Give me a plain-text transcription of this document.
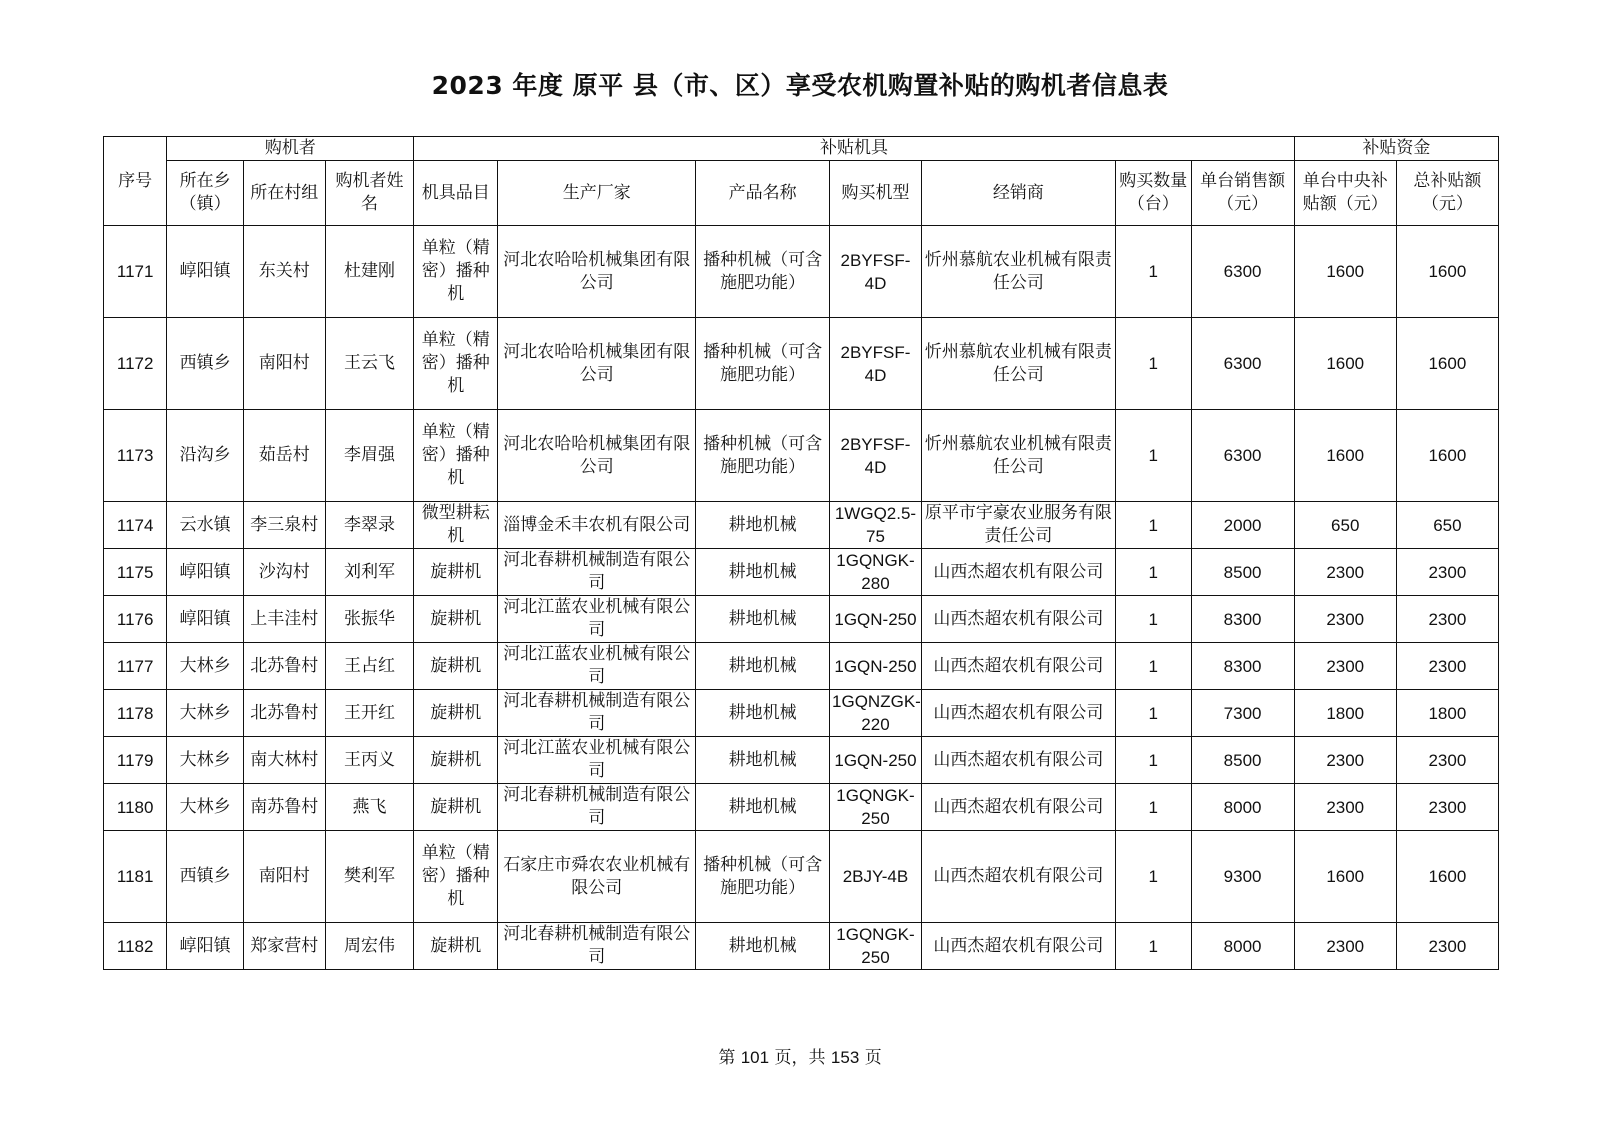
2023 年度 原平 县（市、区）享受农机购置补贴的购机者信息表
序号	购机者			补贴机具							补贴资金	
	所在乡（镇）	所在村组	购机者姓名	机具品目	生产厂家	产品名称	购买机型	经销商	购买数量（台）	单台销售额（元）	单台中央补贴额（元）	总补贴额（元）
1171	崞阳镇	东关村	杜建刚	单粒（精密）播种机	河北农哈哈机械集团有限公司	播种机械（可含施肥功能）	2BYFSF-4D	忻州慕航农业机械有限责任公司	1	6300	1600	1600
1172	西镇乡	南阳村	王云飞	单粒（精密）播种机	河北农哈哈机械集团有限公司	播种机械（可含施肥功能）	2BYFSF-4D	忻州慕航农业机械有限责任公司	1	6300	1600	1600
1173	沿沟乡	茹岳村	李眉强	单粒（精密）播种机	河北农哈哈机械集团有限公司	播种机械（可含施肥功能）	2BYFSF-4D	忻州慕航农业机械有限责任公司	1	6300	1600	1600
1174	云水镇	李三泉村	李翠录	微型耕耘机	淄博金禾丰农机有限公司	耕地机械	1WGQ2.5-75	原平市宇豪农业服务有限责任公司	1	2000	650	650
1175	崞阳镇	沙沟村	刘利军	旋耕机	河北春耕机械制造有限公司	耕地机械	1GQNGK-280	山西杰超农机有限公司	1	8500	2300	2300
1176	崞阳镇	上丰洼村	张振华	旋耕机	河北江蓝农业机械有限公司	耕地机械	1GQN-250	山西杰超农机有限公司	1	8300	2300	2300
1177	大林乡	北苏鲁村	王占红	旋耕机	河北江蓝农业机械有限公司	耕地机械	1GQN-250	山西杰超农机有限公司	1	8300	2300	2300
1178	大林乡	北苏鲁村	王开红	旋耕机	河北春耕机械制造有限公司	耕地机械	1GQNZGK-220	山西杰超农机有限公司	1	7300	1800	1800
1179	大林乡	南大林村	王丙义	旋耕机	河北江蓝农业机械有限公司	耕地机械	1GQN-250	山西杰超农机有限公司	1	8500	2300	2300
1180	大林乡	南苏鲁村	燕飞	旋耕机	河北春耕机械制造有限公司	耕地机械	1GQNGK-250	山西杰超农机有限公司	1	8000	2300	2300
1181	西镇乡	南阳村	樊利军	单粒（精密）播种机	石家庄市舜农农业机械有限公司	播种机械（可含施肥功能）	2BJY-4B	山西杰超农机有限公司	1	9300	1600	1600
1182	崞阳镇	郑家营村	周宏伟	旋耕机	河北春耕机械制造有限公司	耕地机械	1GQNGK-250	山西杰超农机有限公司	1	8000	2300	2300
第 101 页，共 153 页
